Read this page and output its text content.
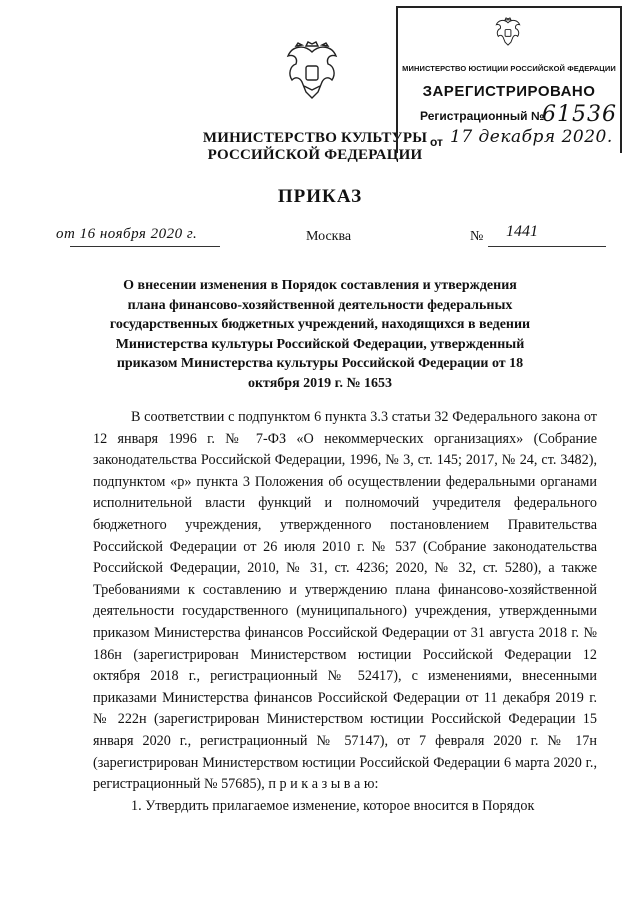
МИНИСТЕРСТВО КУЛЬТУРЫ
РОССИЙСКОЙ ФЕДЕРАЦИИ
МИНИСТЕРСТВО ЮСТИЦИИ РОССИЙСКОЙ ФЕДЕРАЦИИ
ЗАРЕГИСТРИРОВАНО
Регистрационный №
61536
от 17 декабря 2020.
ПРИКАЗ
от 16 ноября 2020 г.	Москва	№ 1441
О внесении изменения в Порядок составления и утверждения плана финансово-хозяйственной деятельности федеральных государственных бюджетных учреждений, находящихся в ведении Министерства культуры Российской Федерации, утвержденный приказом Министерства культуры Российской Федерации от 18 октября 2019 г. № 1653

В соответствии с подпунктом 6 пункта 3.3 статьи 32 Федерального закона от 12 января 1996 г. № 7-ФЗ «О некоммерческих организациях» (Собрание законодательства Российской Федерации, 1996, № 3, ст. 145; 2017, № 24, ст. 3482), подпунктом «р» пункта 3 Положения об осуществлении федеральными органами исполнительной власти функций и полномочий учредителя федерального бюджетного учреждения, утвержденного постановлением Правительства Российской Федерации от 26 июля 2010 г. № 537 (Собрание законодательства Российской Федерации, 2010, № 31, ст. 4236; 2020, № 32, ст. 5280), а также Требованиями к составлению и утверждению плана финансово-хозяйственной деятельности государственного (муниципального) учреждения, утвержденными приказом Министерства финансов Российской Федерации от 31 августа 2018 г. № 186н (зарегистрирован Министерством юстиции Российской Федерации 12 октября 2018 г., регистрационный № 52417), с изменениями, внесенными приказами Министерства финансов Российской Федерации от 11 декабря 2019 г. № 222н (зарегистрирован Министерством юстиции Российской Федерации 15 января 2020 г., регистрационный № 57147), от 7 февраля 2020 г. № 17н (зарегистрирован Министерством юстиции Российской Федерации 6 марта 2020 г., регистрационный № 57685), п р и к а з ы в а ю:

1. Утвердить прилагаемое изменение, которое вносится в Порядок
